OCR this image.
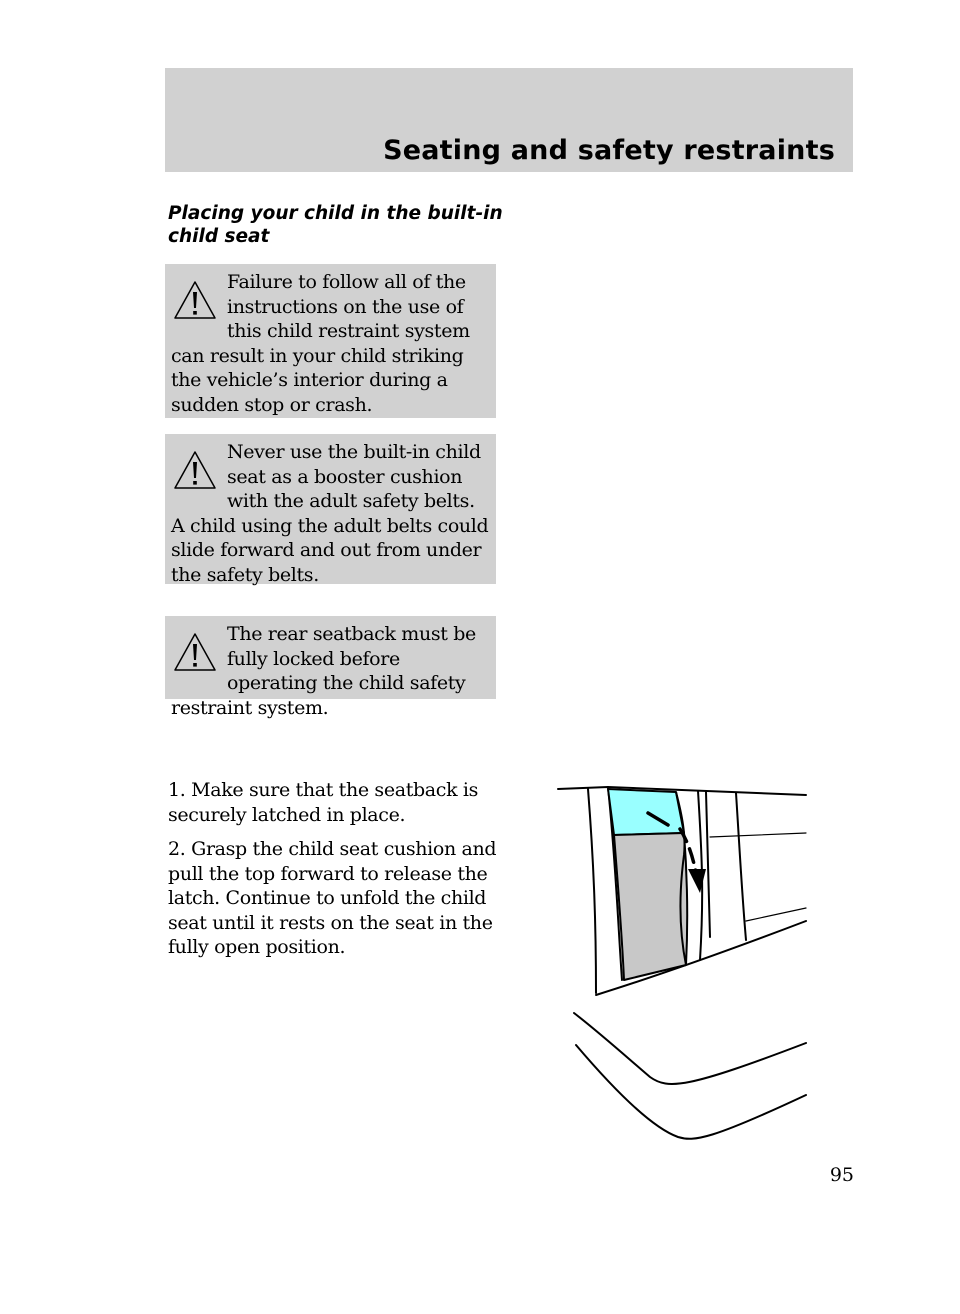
Seating and safety restraints
Placing your child in the built-in child seat
Failure to follow all of the instructions on the use of this child restraint system can result in your child striking the vehicle’s interior during a sudden stop or crash.
Never use the built-in child seat as a booster cushion with the adult safety belts. A child using the adult belts could slide forward and out from under the safety belts.
The rear seatback must be fully locked before operating the child safety restraint system.

1. Make sure that the seatback is securely latched in place.

2. Grasp the child seat cushion and pull the top forward to release the latch. Continue to unfold the child seat until it rests on the seat in the fully open position.

95
